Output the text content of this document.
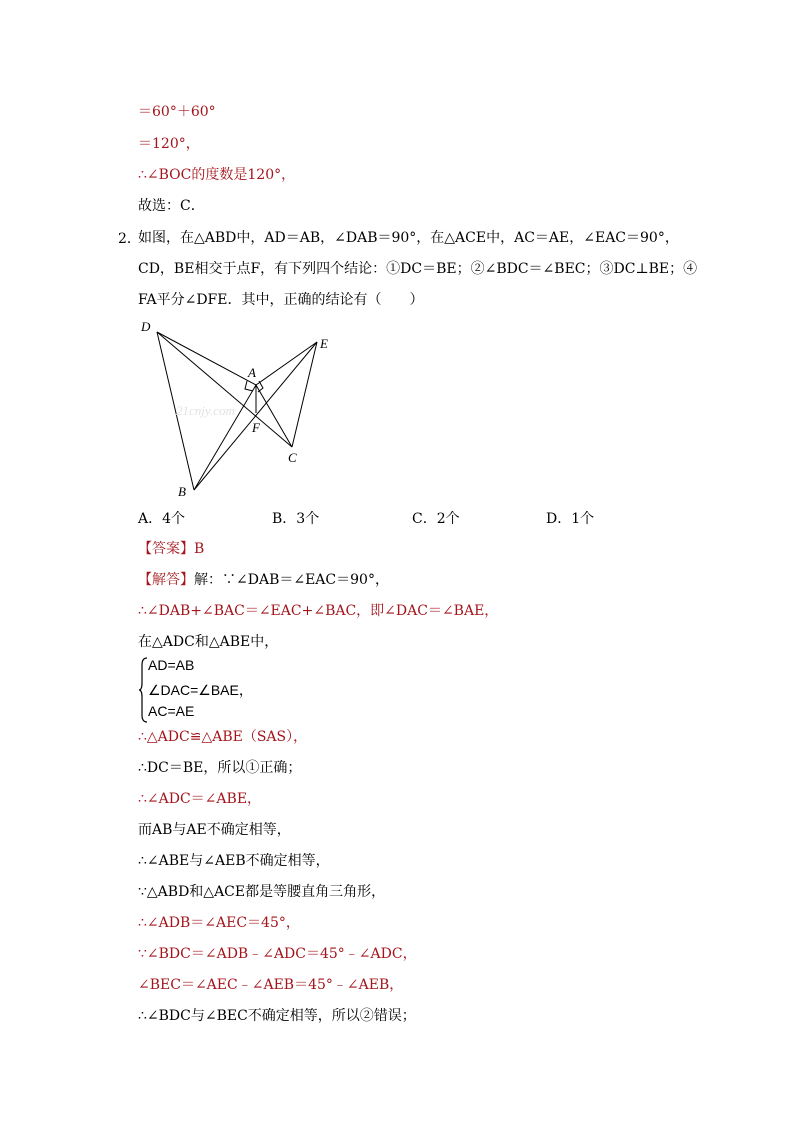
＝60°＋60°
＝120°，
∴∠BOC的度数是120°，
故选：C．
2．
如图，在△ABD中，AD＝AB，∠DAB＝90°，在△ACE中，AC＝AE，∠EAC＝90°，
CD，BE相交于点F，有下列四个结论：①DC＝BE；②∠BDC＝∠BEC；③DC⊥BE；④
FA平分∠DFE．其中，正确的结论有（　　）
21cnjy.com
D
E
A
F
C
B
A．4个	B．3个	C．2个	D．1个
【答案】B
【解答】解：∵∠DAB＝∠EAC＝90°，
∴∠DAB+∠BAC＝∠EAC+∠BAC，即∠DAC＝∠BAE，
在△ADC和△ABE中，
AD=AB
∠DAC=∠BAE，
AC=AE
∴△ADC≌△ABE（SAS），
∴DC＝BE，所以①正确；
∴∠ADC＝∠ABE，
而AB与AE不确定相等，
∴∠ABE与∠AEB不确定相等，
∵△ABD和△ACE都是等腰直角三角形，
∴∠ADB＝∠AEC＝45°，
∵∠BDC＝∠ADB﹣∠ADC＝45°﹣∠ADC，
∠BEC＝∠AEC﹣∠AEB＝45°﹣∠AEB，
∴∠BDC与∠BEC不确定相等，所以②错误；
